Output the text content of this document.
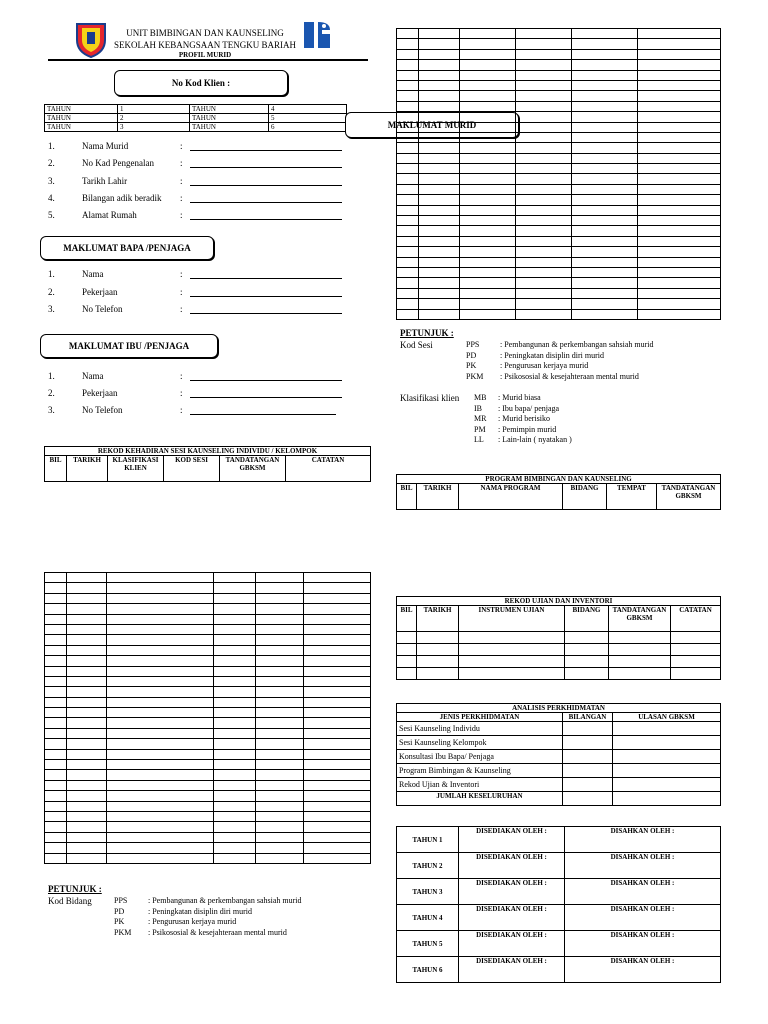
UNIT BIMBINGAN DAN KAUNSELING
SEKOLAH KEBANGSAAN TENGKU BARIAH
PROFIL MURID
No Kod Klien :
TAHUN	1	TAHUN	4
TAHUN	2	TAHUN	5
TAHUN	3	TAHUN	6	MAKLUMAT MURID
1.	Nama Murid	:
2.	No Kad Pengenalan	:
3.	Tarikh Lahir	:
4.	Bilangan adik beradik :
5.	Alamat Rumah	:
MAKLUMAT BAPA /PENJAGA
1.	Nama	:
2.	Pekerjaan	:
3.	No Telefon	:
MAKLUMAT IBU /PENJAGA
1.	Nama	:
2.	Pekerjaan	:
3.	No Telefon	:

PETUNJUK :
Kod Sesi	PPS	: Pembangunan & perkembangan sahsiah murid
PD	: Peningkatan disiplin diri murid
PK	: Pengurusan kerjaya murid
PKM : Psikososial & kesejahteraan mental murid
Klasifikasi klien MB : Murid biasa
IB : Ibu bapa/ penjaga
MR : Murid berisiko
PM : Pemimpin murid
LL : Lain-lain ( nyatakan )
REKOD KEHADIRAN SESI KAUNSELING INDIVIDU / KELOMPOK
BIL	TARIKH	KLASIFIKASI KLIEN	KOD SESI	TANDATANGAN GBKSM	CATATAN
PROGRAM BIMBINGAN DAN KAUNSELING
BIL	TARIKH	NAMA PROGRAM	BIDANG	TEMPAT	TANDATANGAN GBKSM

REKOD UJIAN DAN INVENTORI					
BIL	TARIKH	INSTRUMEN UJIAN	BIDANG	TANDATANGAN GBKSM	CATATAN

ANALISIS PERKHIDMATAN		
JENIS PERKHIDMATAN	BILANGAN	ULASAN GBKSM
Sesi Kaunseling Individu		
Sesi Kaunseling Kelompok		
Konsultasi Ibu Bapa/ Penjaga		
Program Bimbingan & Kaunseling		
Rekod Ujian & Inventori		
JUMLAH KESELURUHAN		
TAHUN 1	DISEDIAKAN OLEH :	DISAHKAN OLEH :
TAHUN 2	DISEDIAKAN OLEH :	DISAHKAN OLEH :
TAHUN 3	DISEDIAKAN OLEH :	DISAHKAN OLEH :
TAHUN 4	DISEDIAKAN OLEH :	DISAHKAN OLEH :
TAHUN 5	DISEDIAKAN OLEH :	DISAHKAN OLEH :
TAHUN 6	DISEDIAKAN OLEH :	DISAHKAN OLEH :
PETUNJUK :
Kod Bidang	PPS	: Pembangunan & perkembangan sahsiah murid
PD	: Peningkatan disiplin diri murid
PK	: Pengurusan kerjaya murid
PKM : Psikososial & kesejahteraan mental murid
